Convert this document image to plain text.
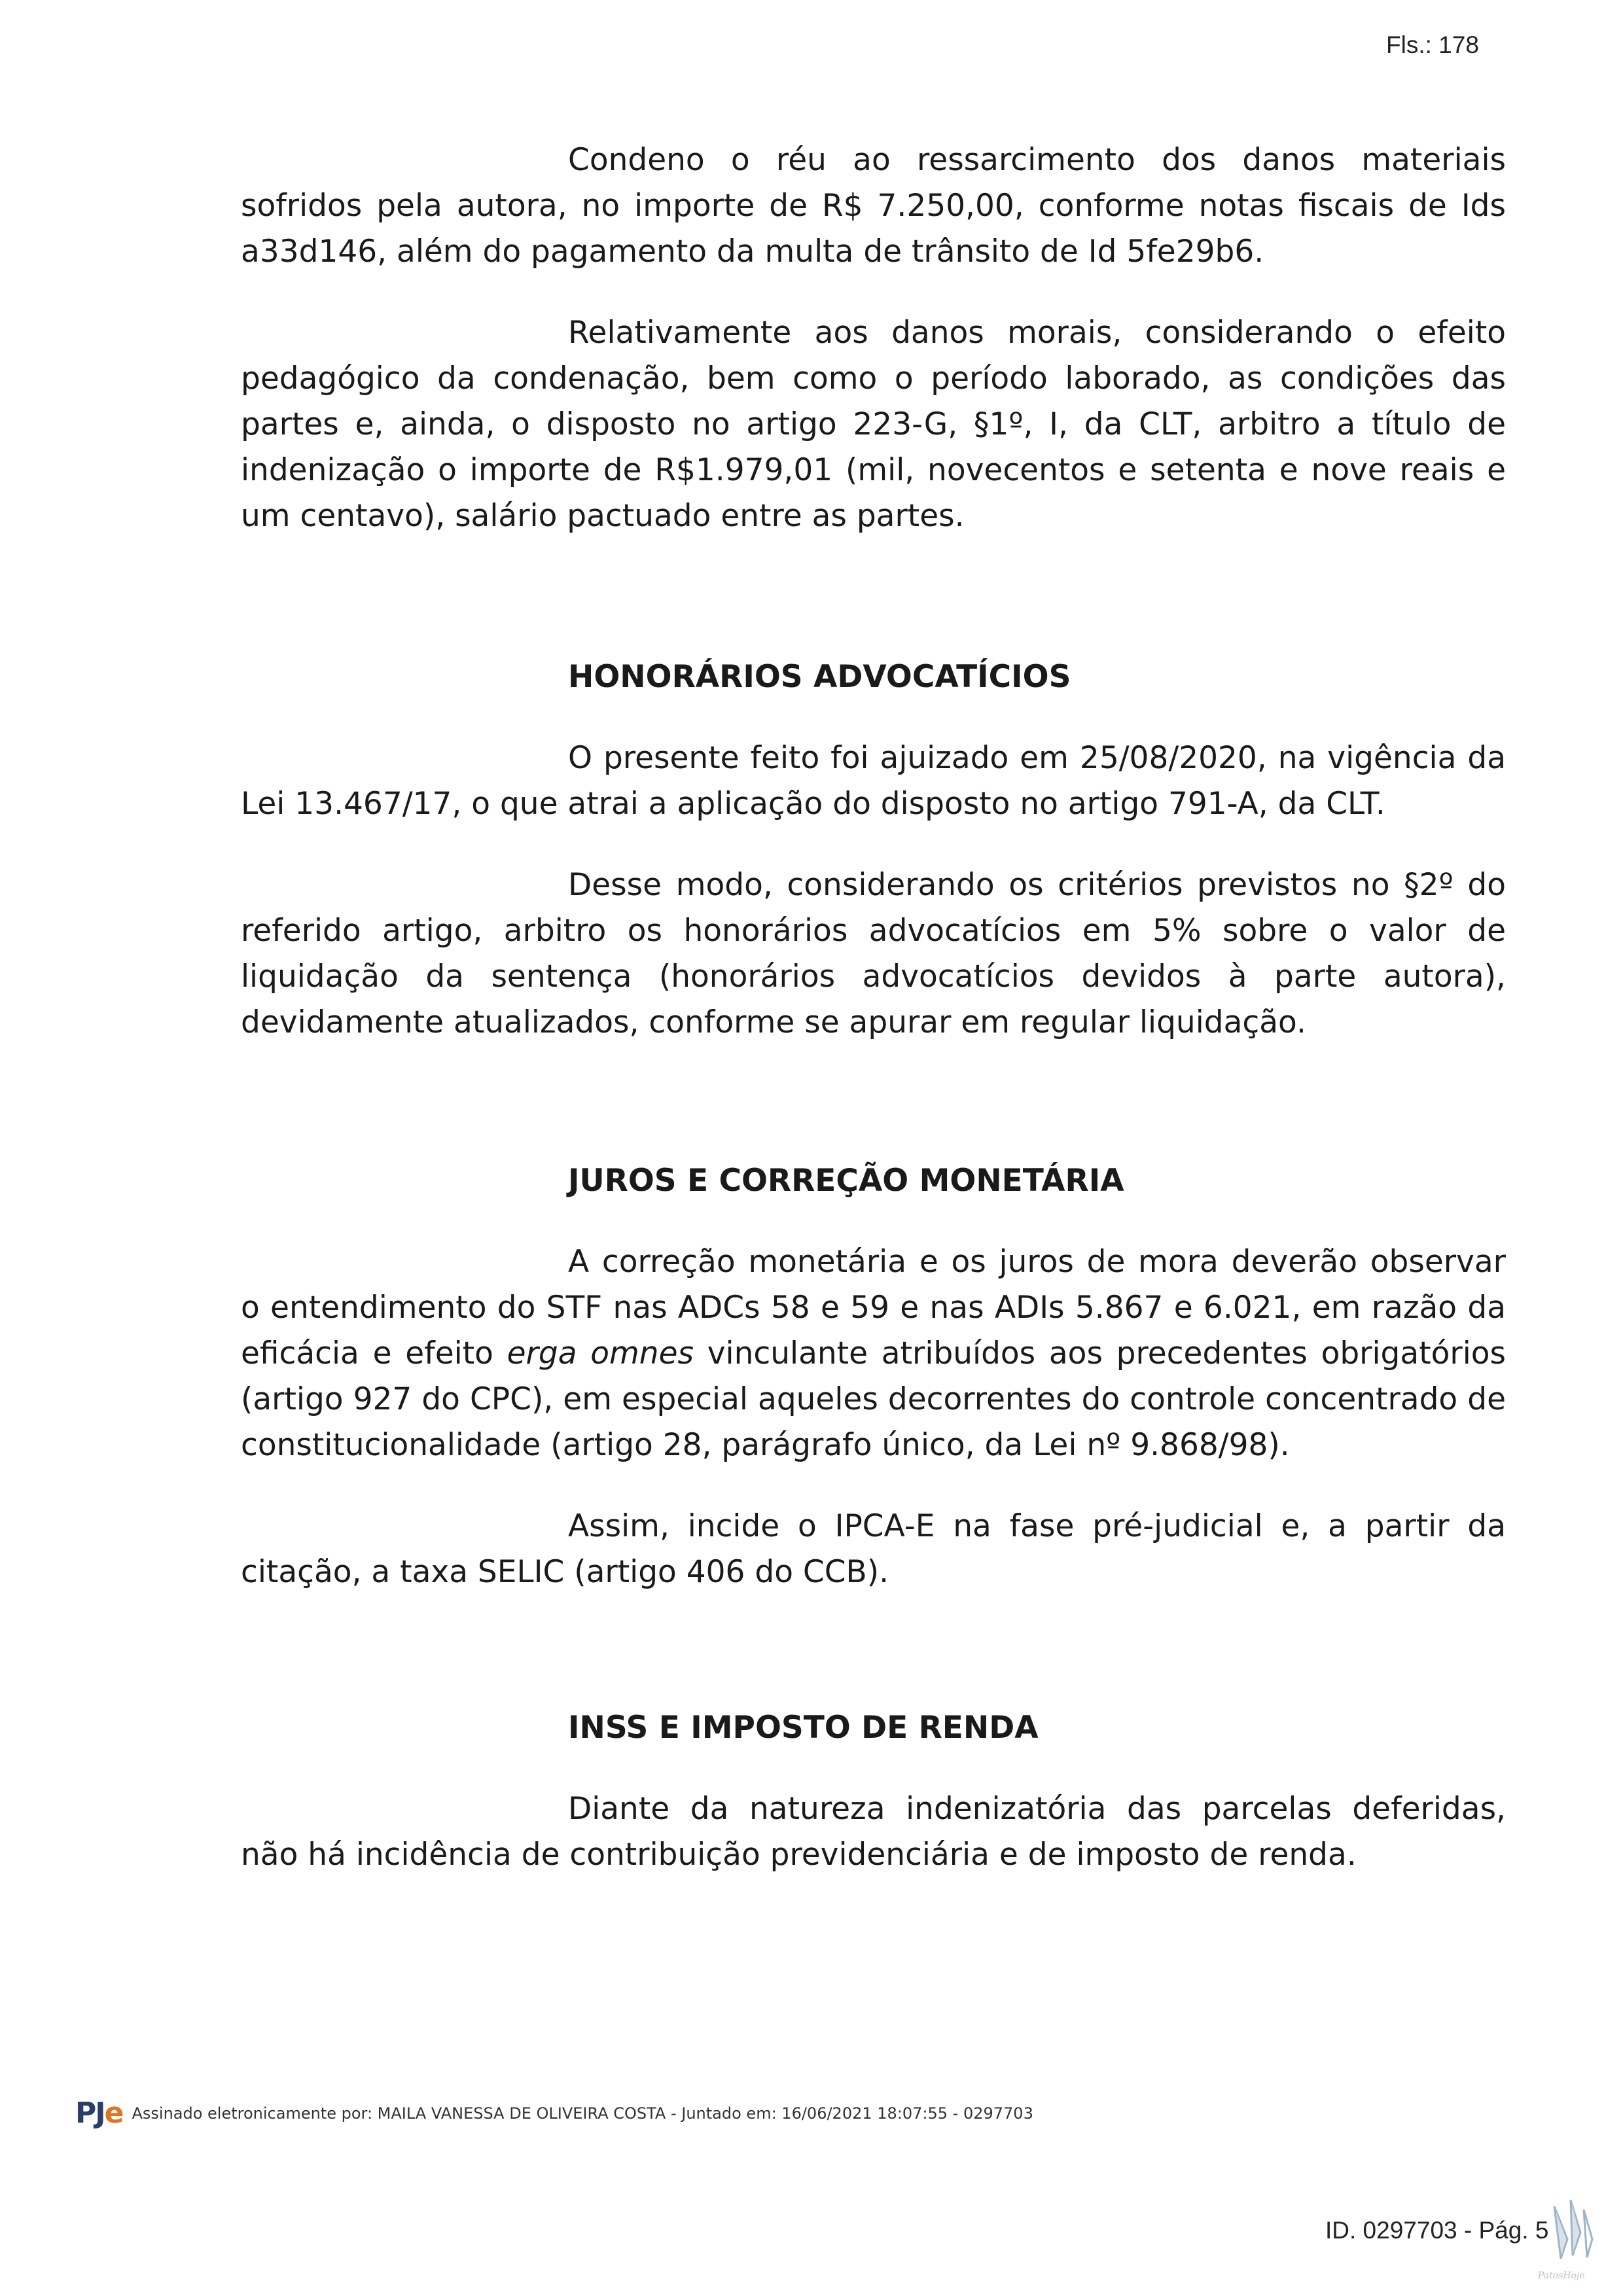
Fls.: 178

Condeno o réu ao ressarcimento dos danos materiais sofridos pela autora, no importe de R$ 7.250,00, conforme notas fiscais de Ids a33d146, além do pagamento da multa de trânsito de Id 5fe29b6.

Relativamente aos danos morais, considerando o efeito pedagógico da condenação, bem como o período laborado, as condições das partes e, ainda, o disposto no artigo 223-G, §1º, I, da CLT, arbitro a título de indenização o importe de R$1.979,01 (mil, novecentos e setenta e nove reais e um centavo), salário pactuado entre as partes.

HONORÁRIOS ADVOCATÍCIOS

O presente feito foi ajuizado em 25/08/2020, na vigência da Lei 13.467/17, o que atrai a aplicação do disposto no artigo 791-A, da CLT.

Desse modo, considerando os critérios previstos no §2º do referido artigo, arbitro os honorários advocatícios em 5% sobre o valor de liquidação da sentença (honorários advocatícios devidos à parte autora), devidamente atualizados, conforme se apurar em regular liquidação.

JUROS E CORREÇÃO MONETÁRIA

A correção monetária e os juros de mora deverão observar o entendimento do STF nas ADCs 58 e 59 e nas ADIs 5.867 e 6.021, em razão da eficácia e efeito erga omnes vinculante atribuídos aos precedentes obrigatórios (artigo 927 do CPC), em especial aqueles decorrentes do controle concentrado de constitucionalidade (artigo 28, parágrafo único, da Lei nº 9.868/98).

Assim, incide o IPCA-E na fase pré-judicial e, a partir da citação, a taxa SELIC (artigo 406 do CCB).

INSS E IMPOSTO DE RENDA

Diante da natureza indenizatória das parcelas deferidas, não há incidência de contribuição previdenciária e de imposto de renda.

PJe Assinado eletronicamente por: MAILA VANESSA DE OLIVEIRA COSTA - Juntado em: 16/06/2021 18:07:55 - 0297703
ID. 0297703 - Pág. 5
PatosHoje
